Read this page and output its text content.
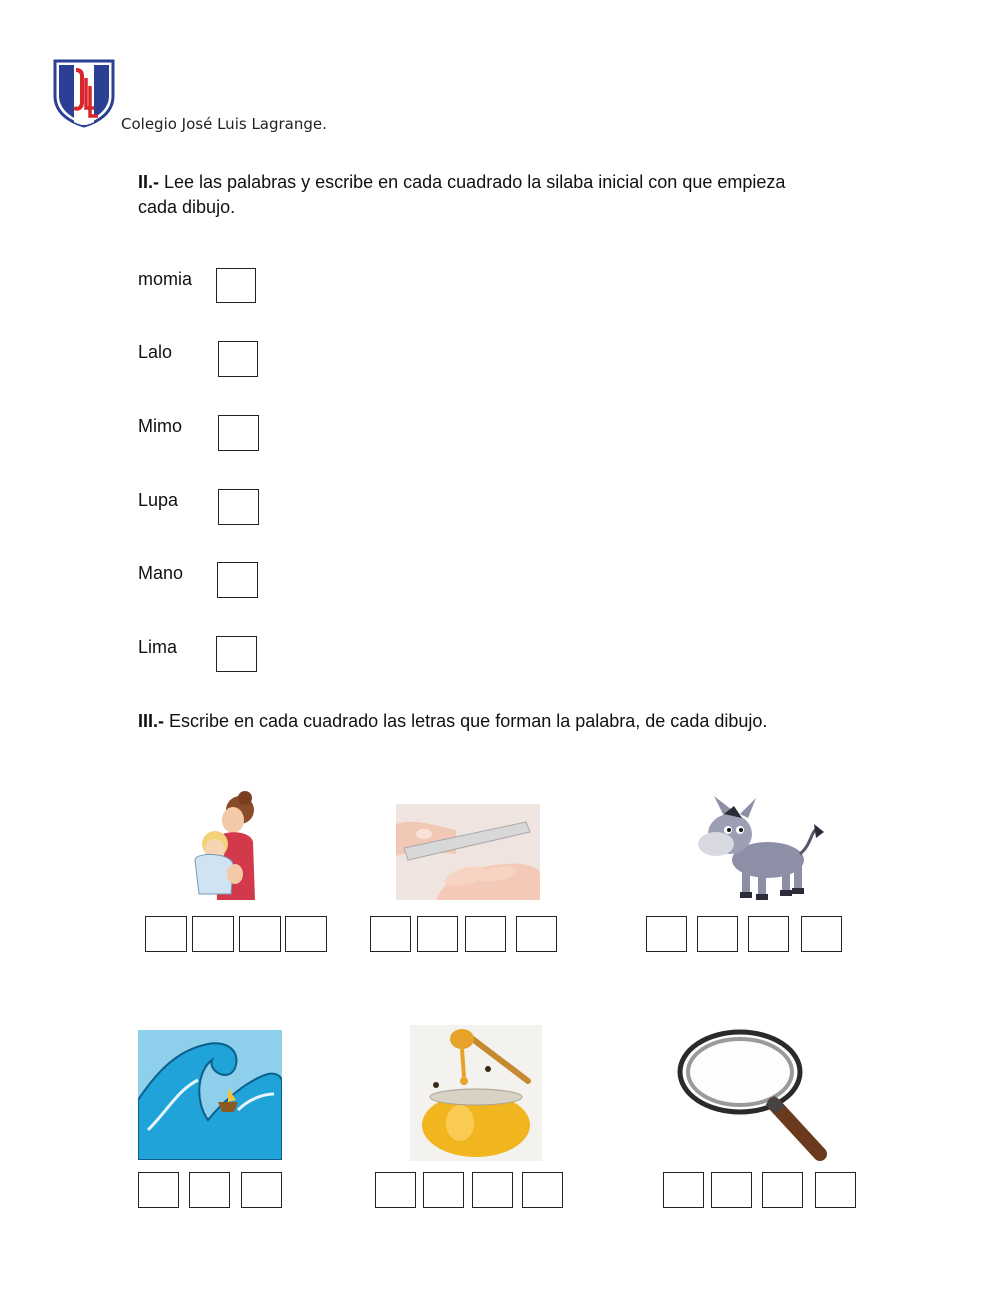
Colegio José Luis Lagrange.
II.- Lee las palabras y escribe en cada cuadrado la silaba inicial con que empieza
cada dibujo.
momia
Lalo
Mimo
Lupa
Mano
Lima
III.- Escribe en cada cuadrado las letras que forman la palabra, de cada dibujo.
